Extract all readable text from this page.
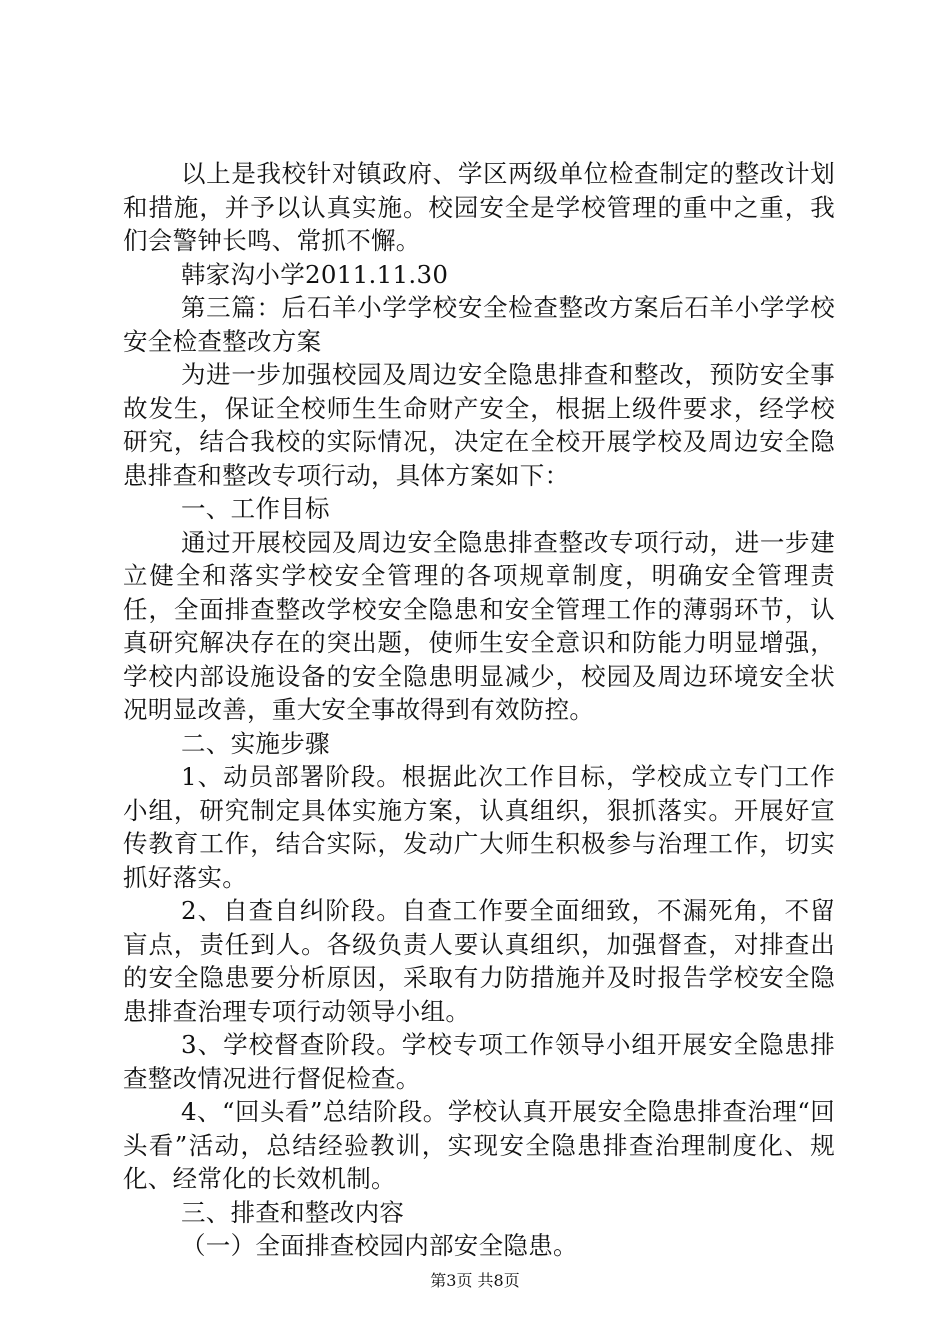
以上是我校针对镇政府、学区两级单位检查制定的整改计划和措施，并予以认真实施。校园安全是学校管理的重中之重，我们会警钟长鸣、常抓不懈。

韩家沟小学2011.11.30

第三篇：后石羊小学学校安全检查整改方案后石羊小学学校安全检查整改方案

为进一步加强校园及周边安全隐患排查和整改，预防安全事故发生，保证全校师生生命财产安全，根据上级件要求，经学校研究，结合我校的实际情况，决定在全校开展学校及周边安全隐患排查和整改专项行动，具体方案如下：

一、工作目标

通过开展校园及周边安全隐患排查整改专项行动，进一步建立健全和落实学校安全管理的各项规章制度，明确安全管理责任，全面排查整改学校安全隐患和安全管理工作的薄弱环节，认真研究解决存在的突出题，使师生安全意识和防能力明显增强，学校内部设施设备的安全隐患明显减少，校园及周边环境安全状况明显改善，重大安全事故得到有效防控。

二、实施步骤

1、动员部署阶段。根据此次工作目标，学校成立专门工作小组，研究制定具体实施方案，认真组织，狠抓落实。开展好宣传教育工作，结合实际，发动广大师生积极参与治理工作，切实抓好落实。

2、自查自纠阶段。自查工作要全面细致，不漏死角，不留盲点，责任到人。各级负责人要认真组织，加强督查，对排查出的安全隐患要分析原因，采取有力防措施并及时报告学校安全隐患排查治理专项行动领导小组。

3、学校督查阶段。学校专项工作领导小组开展安全隐患排查整改情况进行督促检查。

4、“回头看”总结阶段。学校认真开展安全隐患排查治理“回头看”活动，总结经验教训，实现安全隐患排查治理制度化、规化、经常化的长效机制。

三、排查和整改内容

（一）全面排查校园内部安全隐患。

第3页 共8页
